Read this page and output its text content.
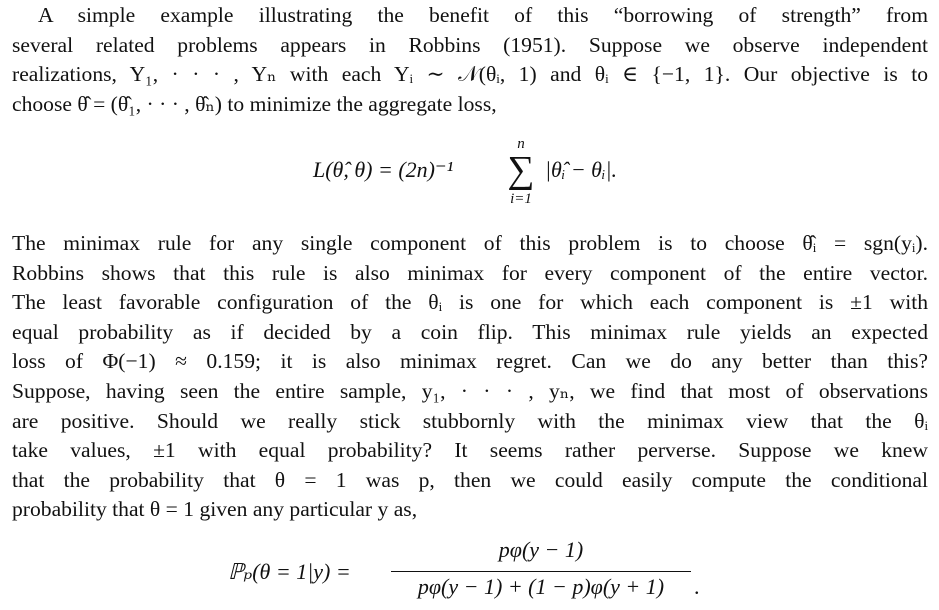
A simple example illustrating the benefit of this “borrowing of strength” from
several related problems appears in Robbins (1951). Suppose we observe independent
realizations, Y₁, · · · , Yₙ with each Yᵢ ∼ 𝒩(θᵢ, 1) and θᵢ ∈ {−1, 1}. Our objective is to
choose θ̂ = (θ̂₁, · · · , θ̂ₙ) to minimize the aggregate loss,
L(θ̂, θ) = (2n)⁻¹
n
∑
i=1
|θ̂ᵢ − θᵢ|.
The minimax rule for any single component of this problem is to choose θ̂ᵢ = sgn(yᵢ).
Robbins shows that this rule is also minimax for every component of the entire vector.
The least favorable configuration of the θᵢ is one for which each component is ±1 with
equal probability as if decided by a coin flip. This minimax rule yields an expected
loss of Φ(−1) ≈ 0.159; it is also minimax regret. Can we do any better than this?
Suppose, having seen the entire sample, y₁, · · · , yₙ, we find that most of observations
are positive. Should we really stick stubbornly with the minimax view that the θᵢ
take values, ±1 with equal probability? It seems rather perverse. Suppose we knew
that the probability that θ = 1 was p, then we could easily compute the conditional
probability that θ = 1 given any particular y as,
ℙₚ(θ = 1|y) =
pφ(y − 1)
pφ(y − 1) + (1 − p)φ(y + 1)	.
